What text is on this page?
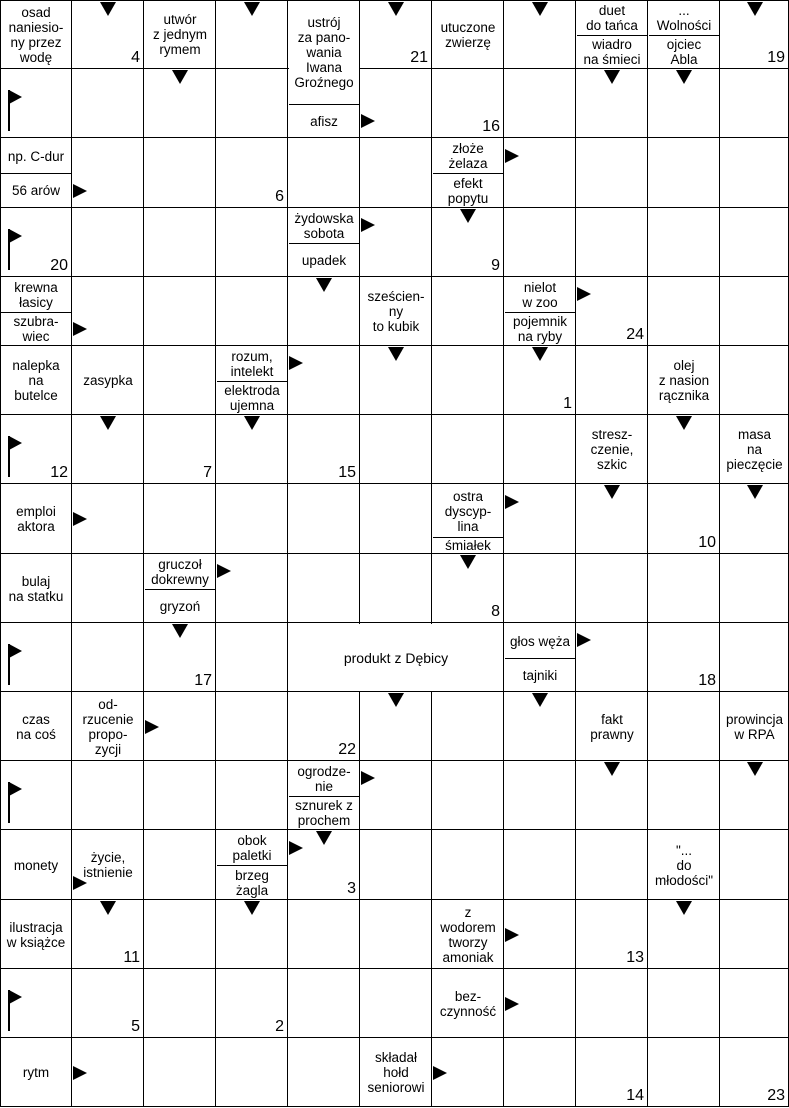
osad
naniesio-
ny przez
wodę
utwór
z jednym
rymem
ustrój
za pano-
wania
Iwana
Groźnego
afisz
utuczone
zwierzę
duet
do tańca
wiadro
na śmieci
...
Wolności
ojciec
Abla
np. C-dur
56 arów
złoże
żelaza
efekt
popytu
żydowska
sobota
upadek
krewna
łasicy
szubra-
wiec
sześcien-
ny
to kubik
nielot
w zoo
pojemnik
na ryby
nalepka
na
butelce
zasypka
rozum,
intelekt
elektroda
ujemna
olej
z nasion
rącznika
stresz-
czenie,
szkic
masa
na
pieczęcie
emploi
aktora
ostra
dyscyp-
lina
śmiałek
bulaj
na statku
gruczoł
dokrewny
gryzoń
głos węża
tajniki
czas
na coś
od-
rzucenie
propo-
zycji
fakt
prawny
prowincja
w RPA
ogrodze-
nie
sznurek z
prochem
obok
paletki
brzeg
żagla
monety	życie,
istnienie
"...
do
młodości"
ilustracja
w książce
z
wodorem
tworzy
amoniak
bez-
czynność
rytm
składał
hołd
seniorowi
produkt z Dębicy
4	21	19
16
6
20	9
24
1
12	7	15
10
8
17	18
22
3
11	13
5	2
14	23
